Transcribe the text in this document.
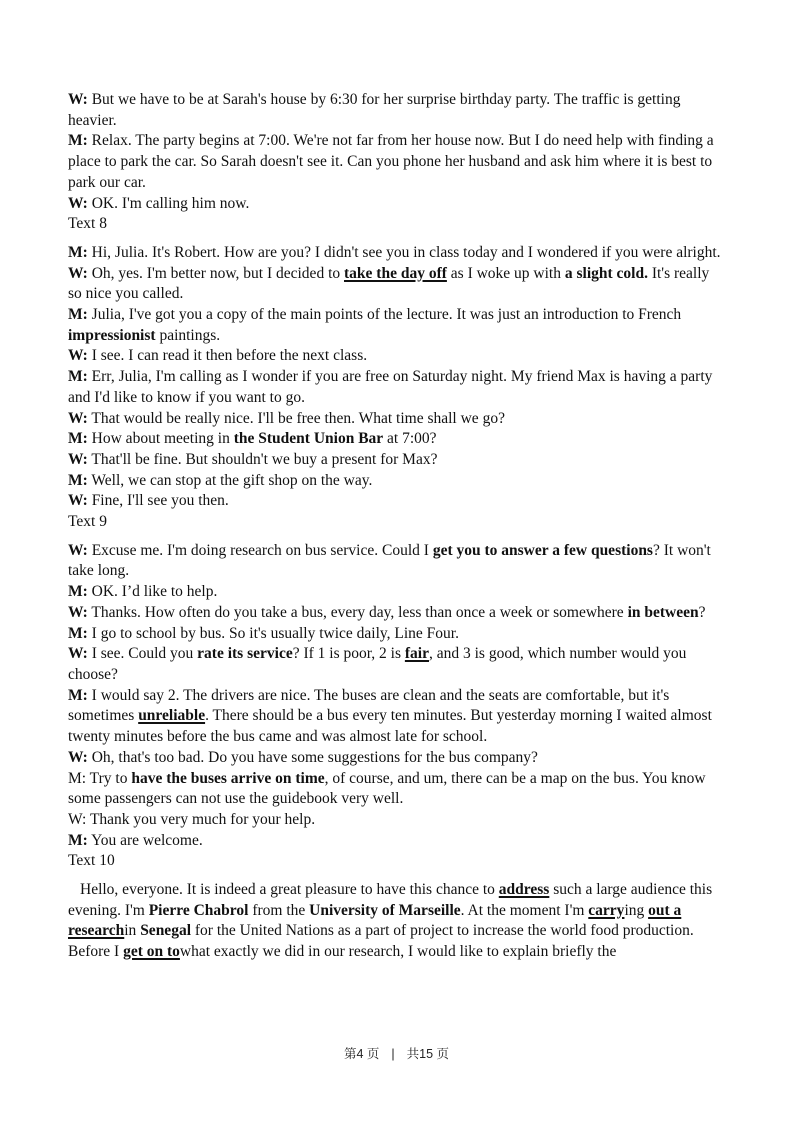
W: But we have to be at Sarah's house by 6:30 for her surprise birthday party. The traffic is getting heavier.

M: Relax. The party begins at 7:00. We're not far from her house now. But I do need help with finding a place to park the car. So Sarah doesn't see it. Can you phone her husband and ask him where it is best to park our car.

W: OK. I'm calling him now.

Text 8

M: Hi, Julia. It's Robert. How are you? I didn't see you in class today and I wondered if you were alright.

W: Oh, yes. I'm better now, but I decided to take the day off as I woke up with a slight cold. It's really so nice you called.

M: Julia, I've got you a copy of the main points of the lecture. It was just an introduction to French impressionist paintings.

W: I see. I can read it then before the next class.

M: Err, Julia, I'm calling as I wonder if you are free on Saturday night. My friend Max is having a party and I'd like to know if you want to go.

W: That would be really nice. I'll be free then. What time shall we go?

M: How about meeting in the Student Union Bar at 7:00?

W: That'll be fine. But shouldn't we buy a present for Max?

M: Well, we can stop at the gift shop on the way.

W: Fine, I'll see you then.

Text 9

W: Excuse me. I'm doing research on bus service. Could I get you to answer a few questions? It won't take long.

M: OK. I’d like to help.

W: Thanks. How often do you take a bus, every day, less than once a week or somewhere in between?

M: I go to school by bus. So it's usually twice daily, Line Four.

W: I see. Could you rate its service? If 1 is poor, 2 is fair, and 3 is good, which number would you choose?

M: I would say 2. The drivers are nice. The buses are clean and the seats are comfortable, but it's sometimes unreliable. There should be a bus every ten minutes. But yesterday morning I waited almost twenty minutes before the bus came and was almost late for school.

W: Oh, that's too bad. Do you have some suggestions for the bus company?

M: Try to have the buses arrive on time, of course, and um, there can be a map on the bus. You know some passengers can not use the guidebook very well.

W: Thank you very much for your help.

M: You are welcome.

Text 10

Hello, everyone. It is indeed a great pleasure to have this chance to address such a large audience this evening. I'm Pierre Chabrol from the University of Marseille. At the moment I'm carrying out a researchin Senegal for the United Nations as a part of project to increase the world food production. Before I get on towhat exactly we did in our research, I would like to explain briefly the

第4 页 | 共15 页
